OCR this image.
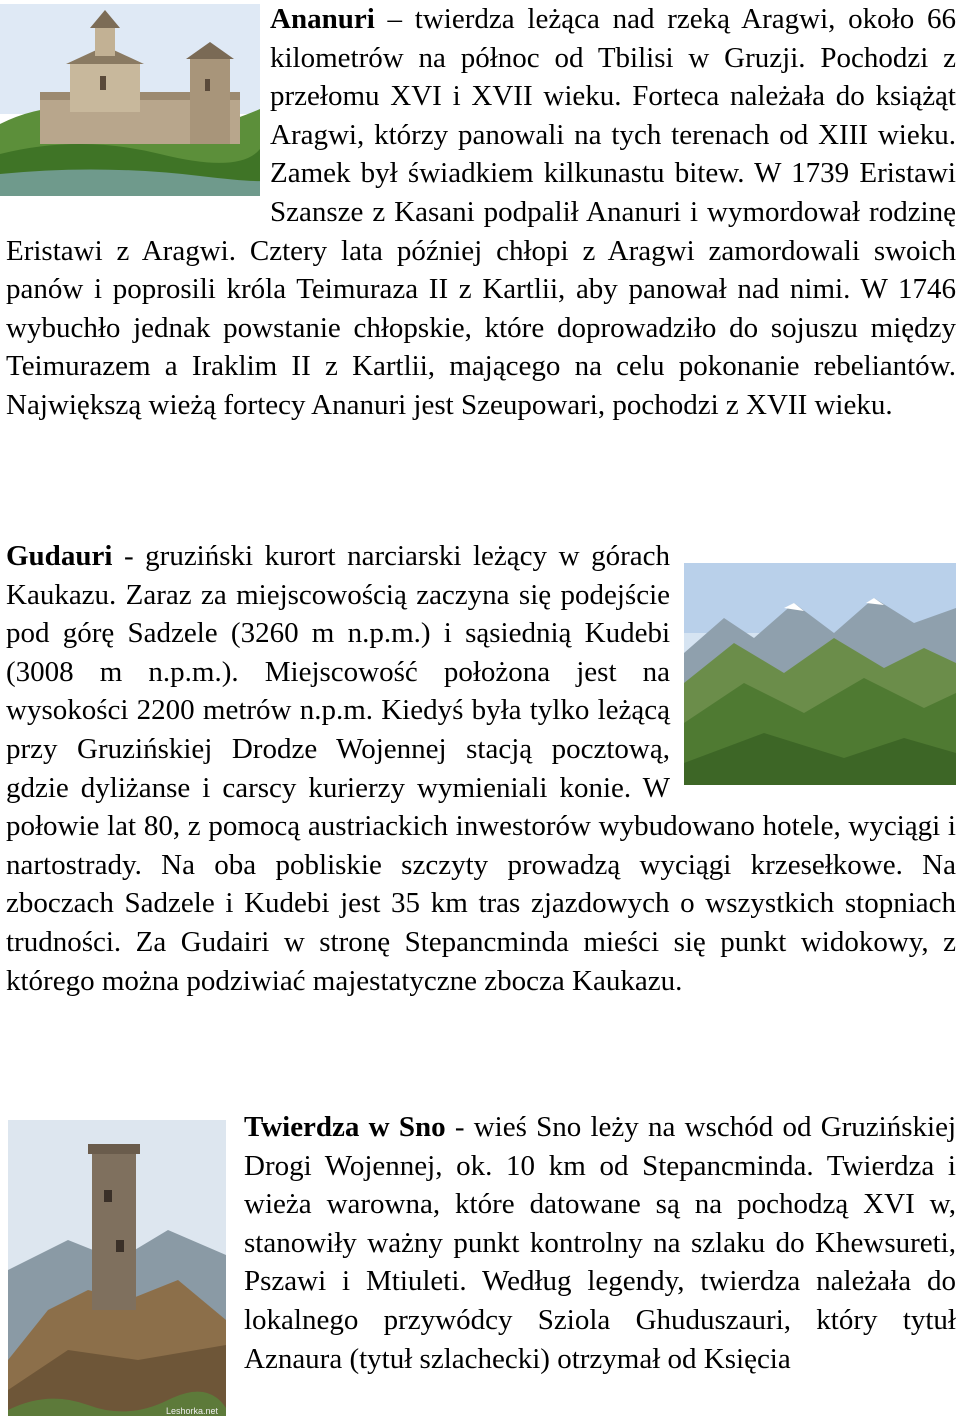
Ananuri – twierdza leżąca nad rzeką Aragwi, około 66 kilometrów na północ od Tbilisi w Gruzji. Pochodzi z przełomu XVI i XVII wieku. Forteca należała do książąt Aragwi, którzy panowali na tych terenach od XIII wieku. Zamek był świadkiem kilkunastu bitew. W 1739 Eristawi Szansze z Kasani podpalił Ananuri i wymordował rodzinę Eristawi z Aragwi. Cztery lata później chłopi z Aragwi zamordowali swoich panów i poprosili króla Teimuraza II z Kartlii, aby panował nad nimi. W 1746 wybuchło jednak powstanie chłopskie, które doprowadziło do sojuszu między Teimurazem a Iraklim II z Kartlii, mającego na celu pokonanie rebeliantów. Największą wieżą fortecy Ananuri jest Szeupowari, pochodzi z XVII wieku.

Gudauri - gruziński kurort narciarski leżący w górach Kaukazu. Zaraz za miejscowością zaczyna się podejście pod górę Sadzele (3260 m n.p.m.) i sąsiednią Kudebi (3008 m n.p.m.). Miejscowość położona jest na wysokości 2200 metrów n.p.m. Kiedyś była tylko leżącą przy Gruzińskiej Drodze Wojennej stacją pocztową, gdzie dyliżanse i carscy kurierzy wymieniali konie. W połowie lat 80, z pomocą austriackich inwestorów wybudowano hotele, wyciągi i nartostrady. Na oba pobliskie szczyty prowadzą wyciągi krzesełkowe. Na zboczach Sadzele i Kudebi jest 35 km tras zjazdowych o wszystkich stopniach trudności. Za Gudairi w stronę Stepancminda mieści się punkt widokowy, z którego można podziwiać majestatyczne zbocza Kaukazu.

Leshorka.net

Twierdza w Sno - wieś Sno leży na wschód od Gruzińskiej Drogi Wojennej, ok. 10 km od Stepancminda. Twierdza i wieża warowna, które datowane są na pochodzą XVI w, stanowiły ważny punkt kontrolny na szlaku do Khewsureti, Pszawi i Mtiuleti. Według legendy, twierdza należała do lokalnego przywódcy Sziola Ghuduszauri, który tytuł Aznaura (tytuł szlachecki) otrzymał od Księcia
